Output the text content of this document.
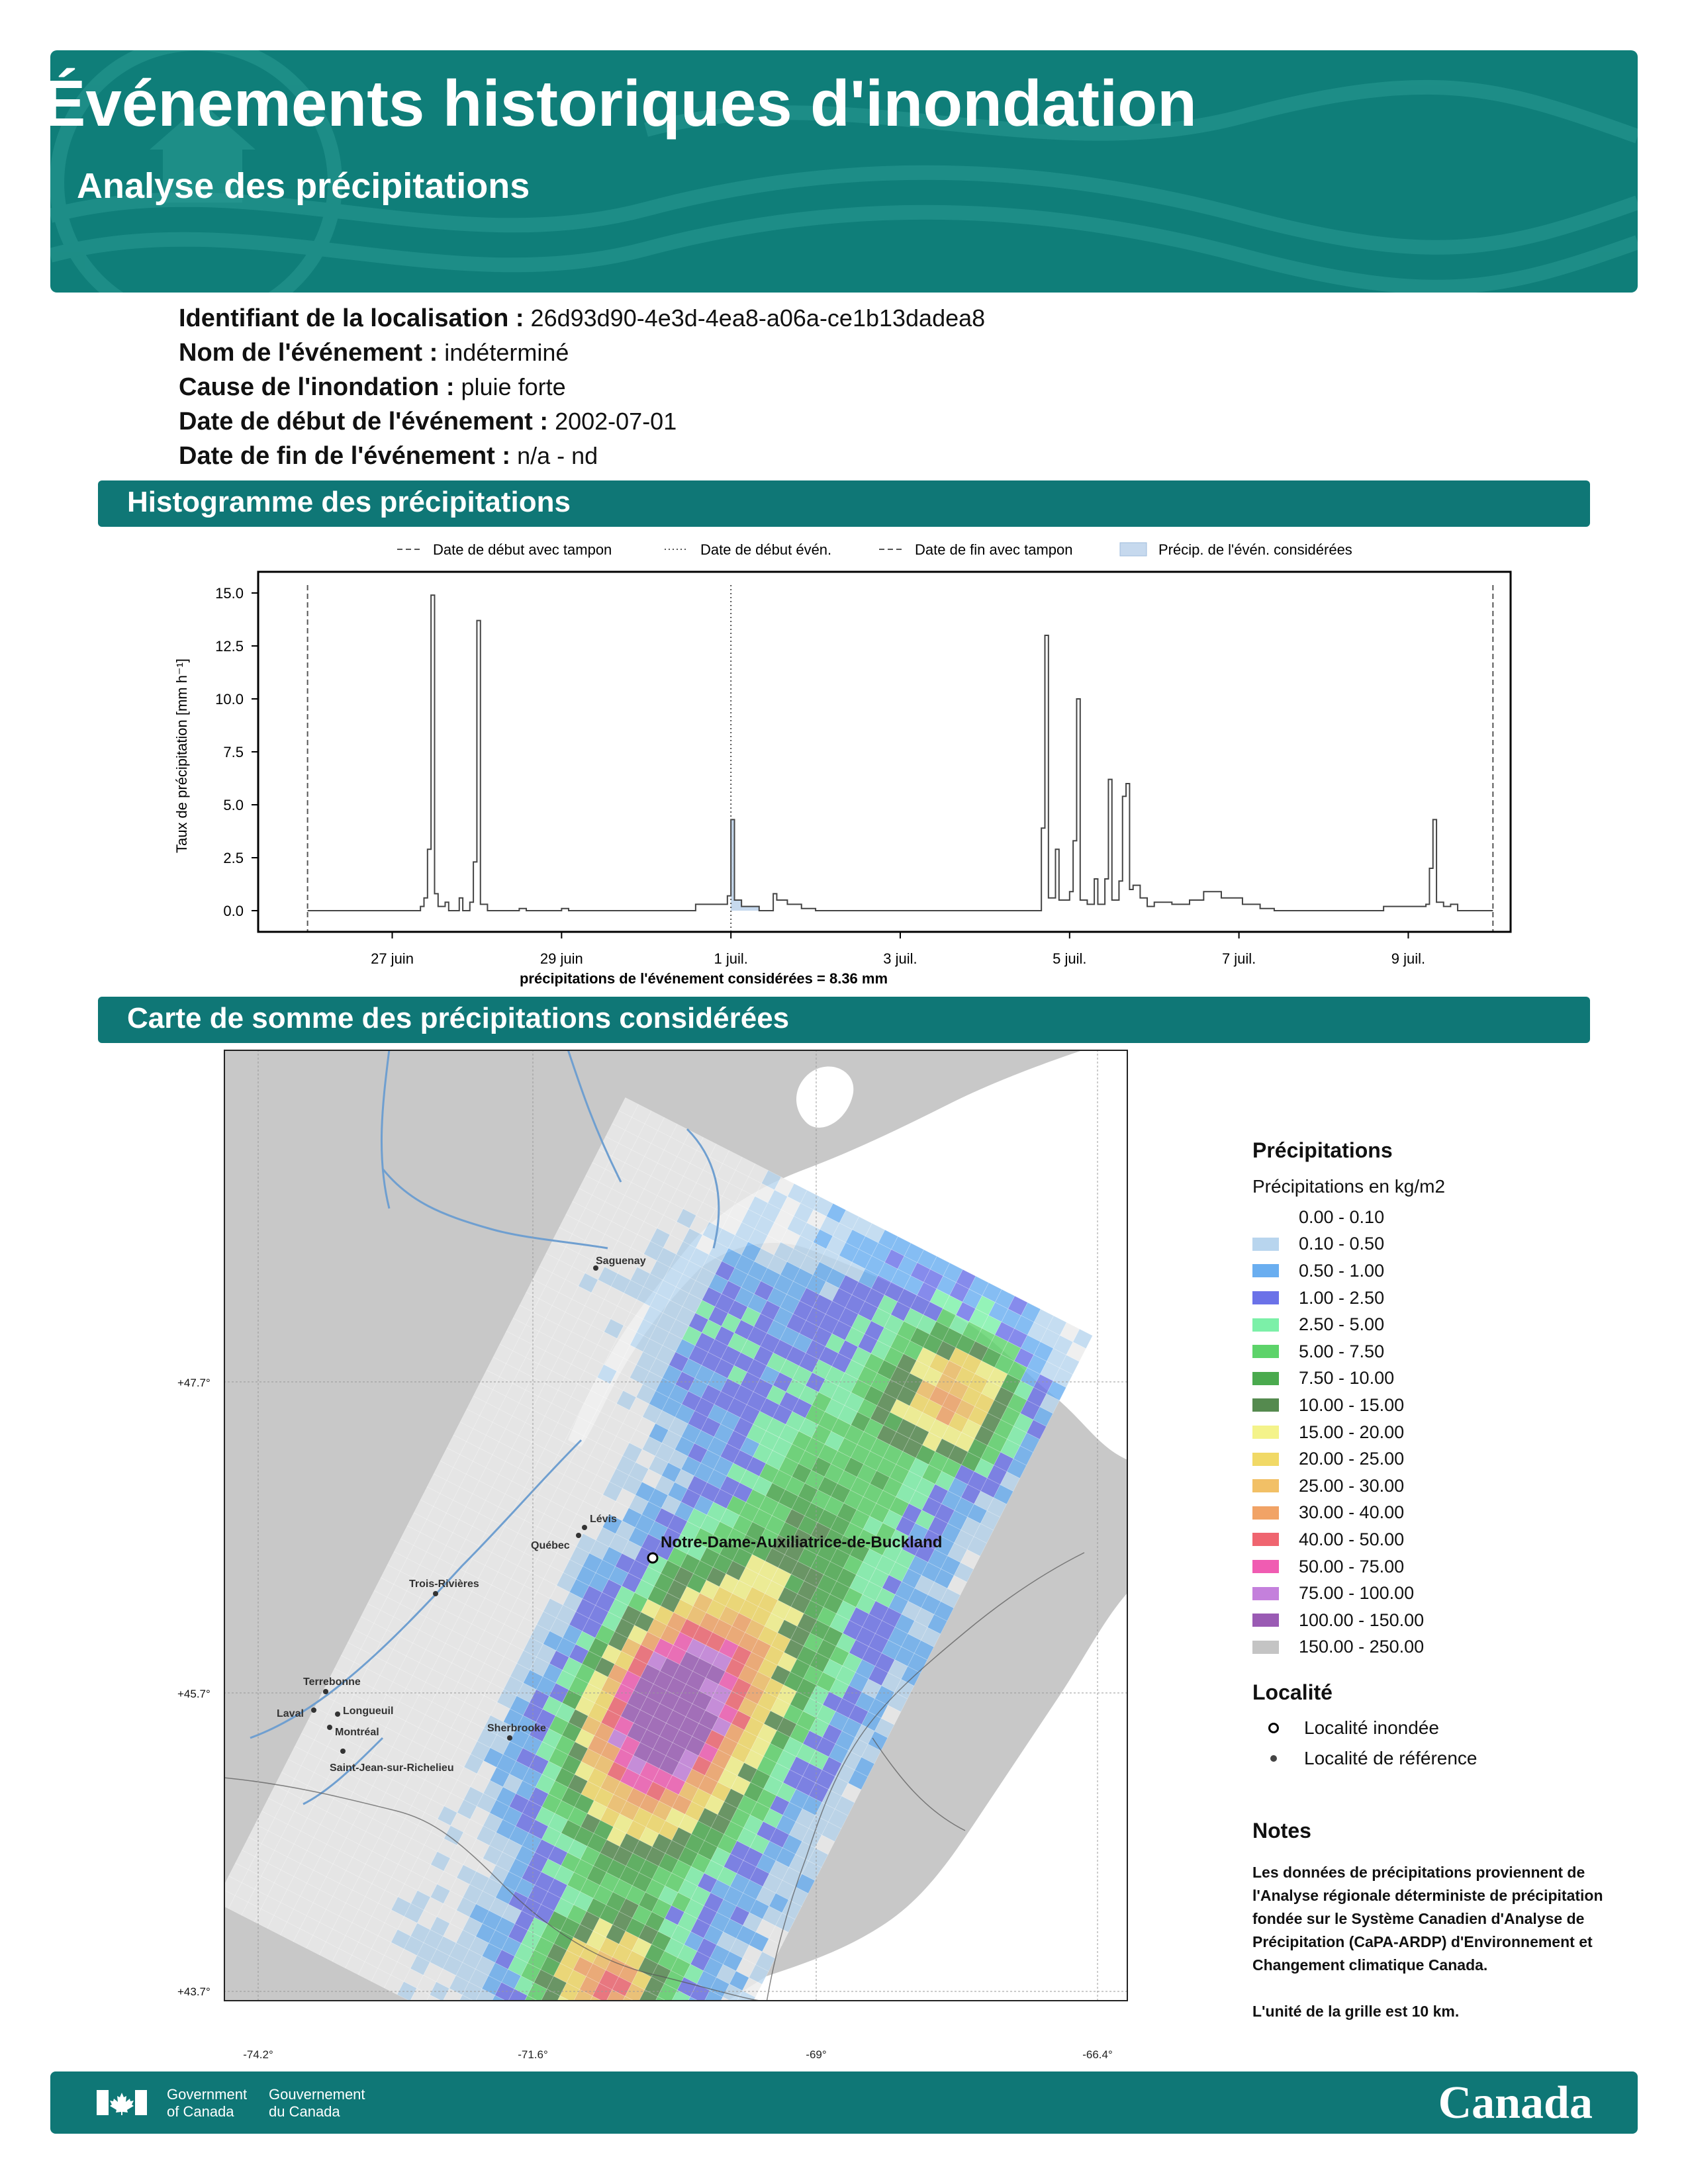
Événements historiques d'inondation
Analyse des précipitations
Identifiant de la localisation : 26d93d90-4e3d-4ea8-a06a-ce1b13dadea8
Nom de l'événement : indéterminé
Cause de l'inondation : pluie forte
Date de début de l'événement : 2002-07-01
Date de fin de l'événement : n/a - nd
Histogramme des précipitations
Date de début avec tampon	Date de début évén.	Date de fin avec tampon	Précip. de l'évén. considérées
0.0
2.5
5.0
7.5
10.0
12.5
15.0
27 juin	29 juin	1 juil.	3 juil.	5 juil.	7 juil.	9 juil.
Taux de précipitation [mm h⁻¹]
précipitations de l'événement considérées = 8.36 mm
Carte de somme des précipitations considérées
Saguenay
Lévis
Québec
Trois-Rivières
Terrebonne
Laval	Longueuil
Montréal	Sherbrooke
Saint-Jean-sur-Richelieu
Notre-Dame-Auxiliatrice-de-Buckland
-74.2°	-71.6°	-69°	-66.4°
+47.7°
+45.7°
+43.7°
Précipitations
Précipitations en kg/m2
0.00 - 0.10
0.10 - 0.50
0.50 - 1.00
1.00 - 2.50
2.50 - 5.00
5.00 - 7.50
7.50 - 10.00
10.00 - 15.00
15.00 - 20.00
20.00 - 25.00
25.00 - 30.00
30.00 - 40.00
40.00 - 50.00
50.00 - 75.00
75.00 - 100.00
100.00 - 150.00
150.00 - 250.00
Localité
Localité inondée
Localité de référence
Notes

Les données de précipitations proviennent de l'Analyse régionale déterministe de précipitation fondée sur le Système Canadien d'Analyse de Précipitation (CaPA-ARDP) d'Environnement et Changement climatique Canada.

L'unité de la grille est 10 km.

Government
of Canada
Gouvernement
du Canada	Canada
